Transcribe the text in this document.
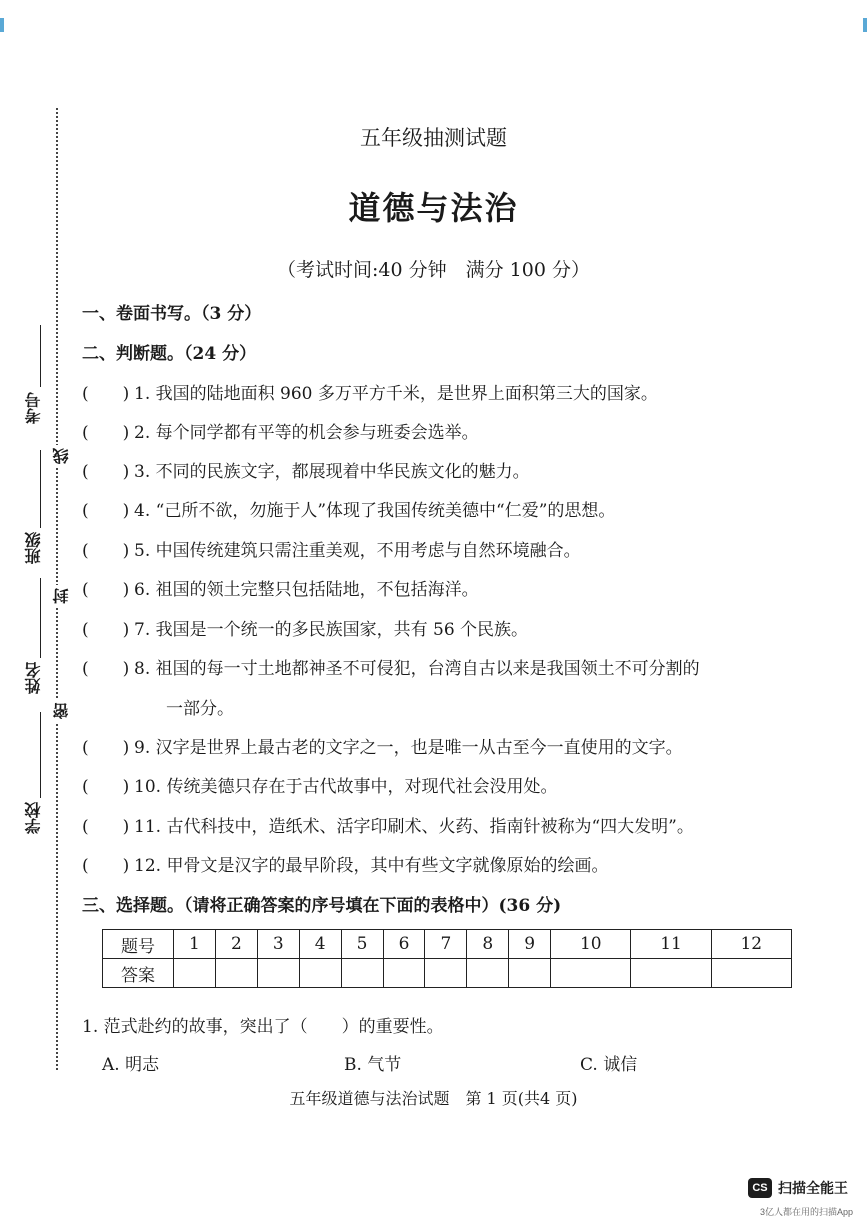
考号
班级
姓名
学校
线
封
密
五年级抽测试题
道德与法治
（考试时间:40 分钟　满分 100 分）
一、卷面书写。（3 分）
二、判断题。（24 分）
(　　) 1. 我国的陆地面积 960 多万平方千米，是世界上面积第三大的国家。
(　　) 2. 每个同学都有平等的机会参与班委会选举。
(　　) 3. 不同的民族文字，都展现着中华民族文化的魅力。
(　　) 4. “己所不欲，勿施于人”体现了我国传统美德中“仁爱”的思想。
(　　) 5. 中国传统建筑只需注重美观，不用考虑与自然环境融合。
(　　) 6. 祖国的领土完整只包括陆地，不包括海洋。
(　　) 7. 我国是一个统一的多民族国家，共有 56 个民族。
(　　) 8. 祖国的每一寸土地都神圣不可侵犯，台湾自古以来是我国领土不可分割的
一部分。
(　　) 9. 汉字是世界上最古老的文字之一，也是唯一从古至今一直使用的文字。
(　　) 10. 传统美德只存在于古代故事中，对现代社会没用处。
(　　) 11. 古代科技中，造纸术、活字印刷术、火药、指南针被称为“四大发明”。
(　　) 12. 甲骨文是汉字的最早阶段，其中有些文字就像原始的绘画。
三、选择题。（请将正确答案的序号填在下面的表格中）(36 分)
题号	1	2	3	4	5	6	7	8	9	10	11	12
答案												
1. 范式赴约的故事，突出了（　　）的重要性。
A. 明志	B. 气节	C. 诚信
五年级道德与法治试题　第 1 页(共4 页)
CS 扫描全能王
3亿人都在用的扫描App
